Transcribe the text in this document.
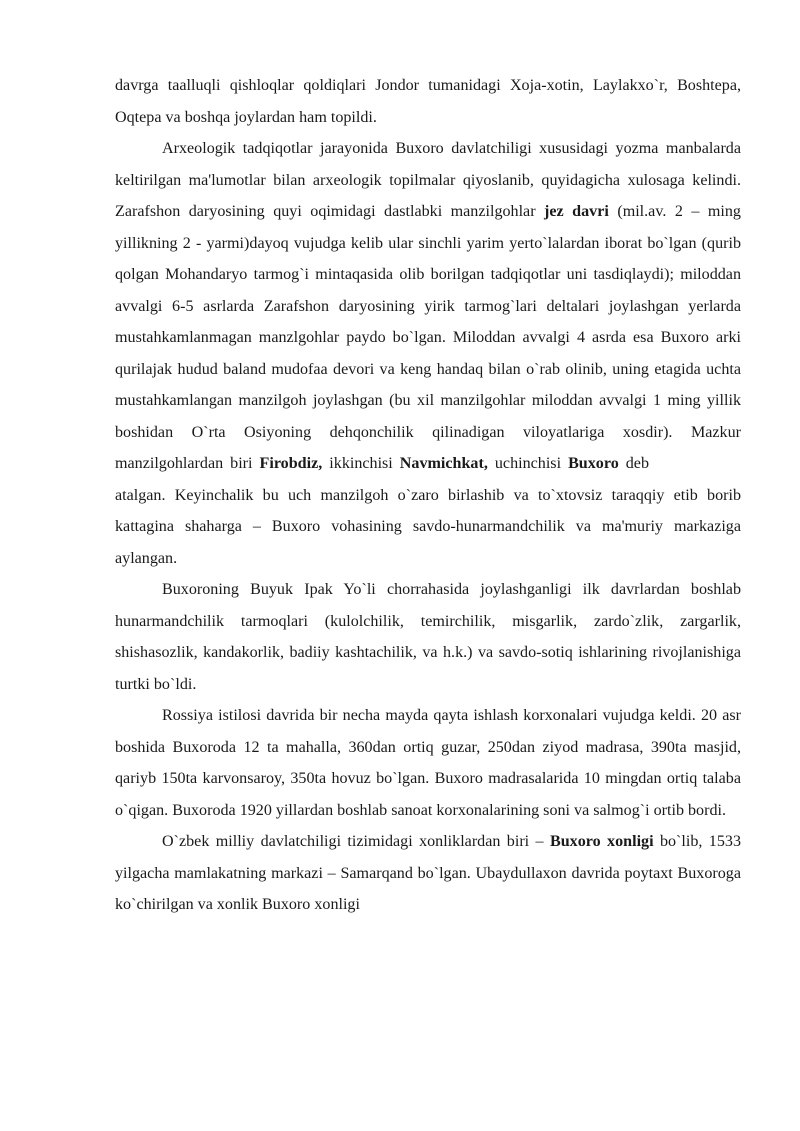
davrga taalluqli qishloqlar qoldiqlari Jondor tumanidagi Xoja-xotin, Laylakxo`r, Boshtepa, Oqtepa va boshqa joylardan ham topildi.

Arxeologik tadqiqotlar jarayonida Buxoro davlatchiligi xususidagi yozma manbalarda keltirilgan ma'lumotlar bilan arxeologik topilmalar qiyoslanib, quyidagicha xulosaga kelindi. Zarafshon daryosining quyi oqimidagi dastlabki manzilgohlar jez davri (mil.av. 2 – ming yillikning 2 - yarmi)dayoq vujudga kelib ular sinchli yarim yerto`lalardan iborat bo`lgan (qurib qolgan Mohandaryo tarmog`i mintaqasida olib borilgan tadqiqotlar uni tasdiqlaydi); miloddan avvalgi 6-5 asrlarda Zarafshon daryosining yirik tarmog`lari deltalari joylashgan yerlarda mustahkamlanmagan manzlgohlar paydo bo`lgan. Miloddan avvalgi 4 asrda esa Buxoro arki qurilajak hudud baland mudofaa devori va keng handaq bilan o`rab olinib, uning etagida uchta mustahkamlangan manzilgoh joylashgan (bu xil manzilgohlar miloddan avvalgi 1 ming yillik boshidan O`rta Osiyoning dehqonchilik qilinadigan viloyatlariga xosdir). Mazkur manzilgohlardan biri Firobdiz, ikkinchisi Navmichkat, uchinchisi Buxoro debatalgan. Keyinchalik bu uch manzilgoh o`zaro birlashib va to`xtovsiz taraqqiy etib borib kattagina shaharga – Buxoro vohasining savdo-hunarmandchilik va ma'muriy markaziga aylangan.

Buxoroning Buyuk Ipak Yo`li chorrahasida joylashganligi ilk davrlardan boshlab hunarmandchilik tarmoqlari (kulolchilik, temirchilik, misgarlik, zardo`zlik, zargarlik, shishasozlik, kandakorlik, badiiy kashtachilik, va h.k.) va savdo-sotiq ishlarining rivojlanishiga turtki bo`ldi.

Rossiya istilosi davrida bir necha mayda qayta ishlash korxonalari vujudga keldi. 20 asr boshida Buxoroda 12 ta mahalla, 360dan ortiq guzar, 250dan ziyod madrasa, 390ta masjid, qariyb 150ta karvonsaroy, 350ta hovuz bo`lgan. Buxoro madrasalarida 10 mingdan ortiq talaba o`qigan. Buxoroda 1920 yillardan boshlab sanoat korxonalarining soni va salmog`i ortib bordi.

O`zbek milliy davlatchiligi tizimidagi xonliklardan biri – Buxoro xonligi bo`lib, 1533 yilgacha mamlakatning markazi – Samarqand bo`lgan. Ubaydullaxon davrida poytaxt Buxoroga ko`chirilgan va xonlik Buxoro xonligi
